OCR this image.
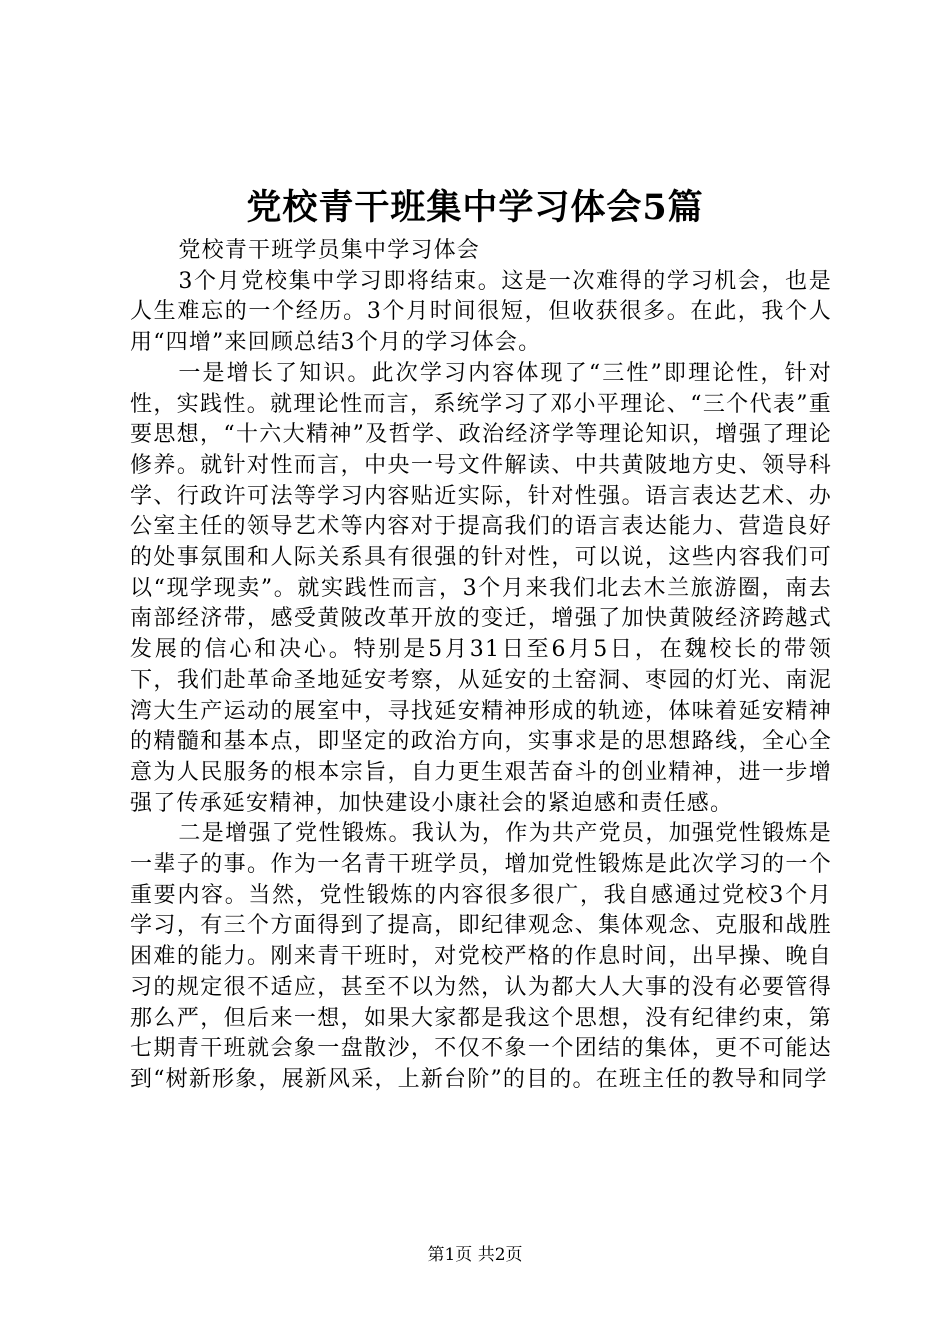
党校青干班集中学习体会5篇

党校青干班学员集中学习体会

3个月党校集中学习即将结束。这是一次难得的学习机会，也是人生难忘的一个经历。3个月时间很短，但收获很多。在此，我个人用“四增”来回顾总结3个月的学习体会。

一是增长了知识。此次学习内容体现了“三性”即理论性，针对性，实践性。就理论性而言，系统学习了邓小平理论、“三个代表”重要思想，“十六大精神”及哲学、政治经济学等理论知识，增强了理论修养。就针对性而言，中央一号文件解读、中共黄陂地方史、领导科学、行政许可法等学习内容贴近实际，针对性强。语言表达艺术、办公室主任的领导艺术等内容对于提高我们的语言表达能力、营造良好的处事氛围和人际关系具有很强的针对性，可以说，这些内容我们可以“现学现卖”。就实践性而言，3个月来我们北去木兰旅游圈，南去南部经济带，感受黄陂改革开放的变迁，增强了加快黄陂经济跨越式发展的信心和决心。特别是5月31日至6月5日，在魏校长的带领下，我们赴革命圣地延安考察，从延安的土窑洞、枣园的灯光、南泥湾大生产运动的展室中，寻找延安精神形成的轨迹，体味着延安精神的精髓和基本点，即坚定的政治方向，实事求是的思想路线，全心全意为人民服务的根本宗旨，自力更生艰苦奋斗的创业精神，进一步增强了传承延安精神，加快建设小康社会的紧迫感和责任感。

二是增强了党性锻炼。我认为，作为共产党员，加强党性锻炼是一辈子的事。作为一名青干班学员，增加党性锻炼是此次学习的一个重要内容。当然，党性锻炼的内容很多很广，我自感通过党校3个月学习，有三个方面得到了提高，即纪律观念、集体观念、克服和战胜困难的能力。刚来青干班时，对党校严格的作息时间，出早操、晚自习的规定很不适应，甚至不以为然，认为都大人大事的没有必要管得那么严，但后来一想，如果大家都是我这个思想，没有纪律约束，第七期青干班就会象一盘散沙，不仅不象一个团结的集体，更不可能达到“树新形象，展新风采，上新台阶”的目的。在班主任的教导和同学

第1页 共2页
